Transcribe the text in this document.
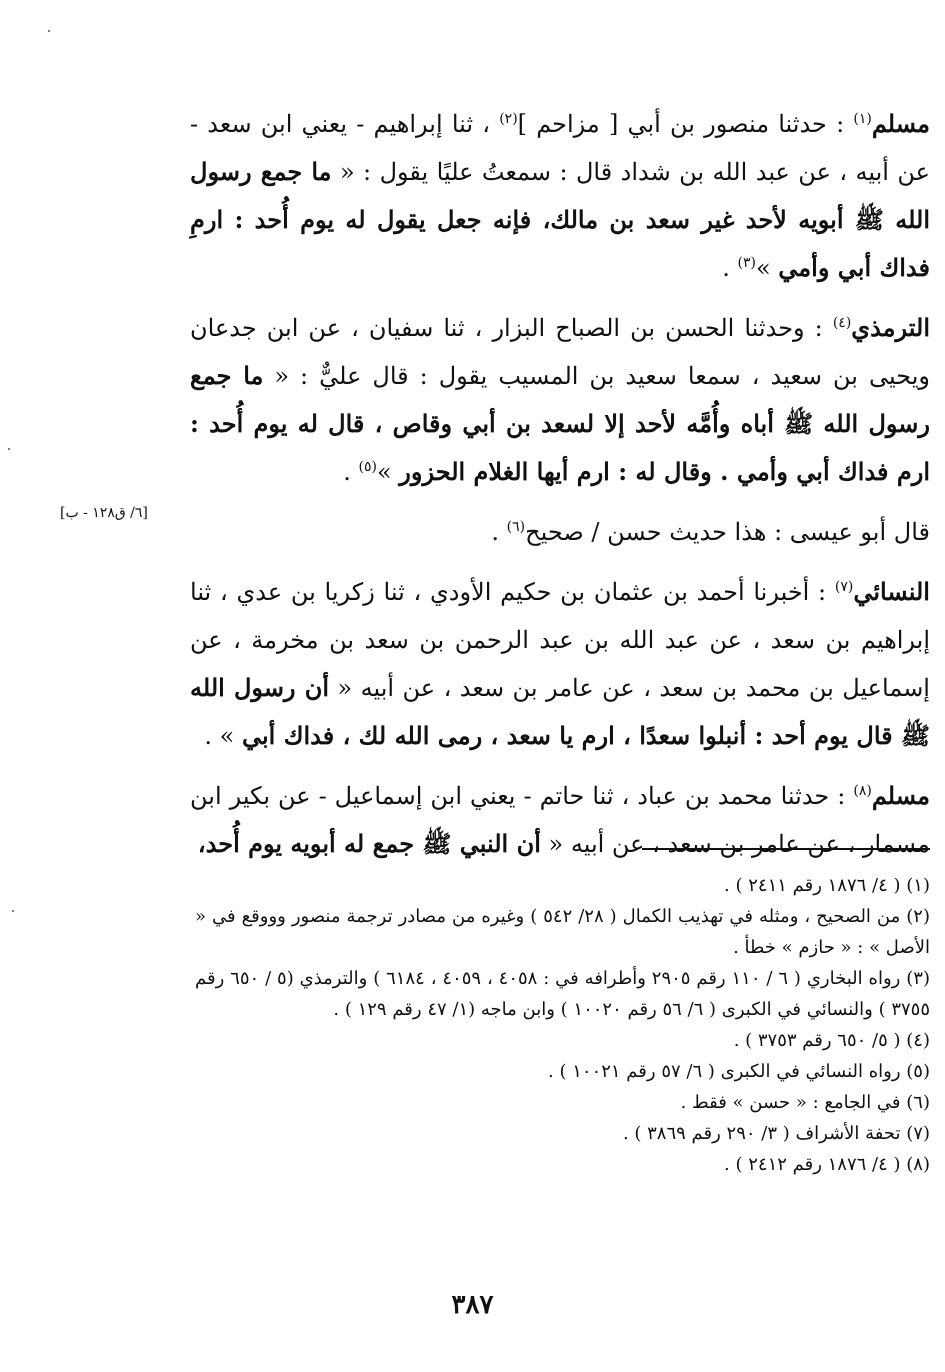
مسلم$^{(١)}$ : حدثنا منصور بن أبي [ مزاحم ]$^{(٢)}$ ، ثنا إبراهيم - يعني ابن سعد - عن أبيه ، عن عبد الله بن شداد قال : سمعتُ عليًا يقول : « ما جمع رسول الله ﷺ أبويه لأحد غير سعد بن مالك، فإنه جعل يقول له يوم أُحد : ارمِ فداك أبي وأمي »$^{(٣)}$ .

الترمذي$^{(٤)}$ : وحدثنا الحسن بن الصباح البزار ، ثنا سفيان ، عن ابن جدعان ويحيى بن سعيد ، سمعا سعيد بن المسيب يقول : قال عليٌّ : « ما جمع رسول الله ﷺ أباه وأُمَّه لأحد إلا لسعد بن أبي وقاص ، قال له يوم أُحد : ارم فداك أبي وأمي . وقال له : ارم أيها الغلام الحزور »$^{(٥)}$ .

قال أبو عيسى : هذا حديث حسن / صحيح$^{(٦)}$ .

النسائي$^{(٧)}$ : أخبرنا أحمد بن عثمان بن حكيم الأودي ، ثنا زكريا بن عدي ، ثنا إبراهيم بن سعد ، عن عبد الله بن عبد الرحمن بن سعد بن مخرمة ، عن إسماعيل بن محمد بن سعد ، عن عامر بن سعد ، عن أبيه « أن رسول الله ﷺ قال يوم أحد : أنبلوا سعدًا ، ارم يا سعد ، رمى الله لك ، فداك أبي » .

مسلم$^{(٨)}$ : حدثنا محمد بن عباد ، ثنا حاتم - يعني ابن إسماعيل - عن بكير ابن مسمار ، عن عامر بن سعد ، عن أبيه « أن النبي ﷺ جمع له أبويه يوم أُحد،

[٦/ ق١٢٨ - ب]

(١) ( ٤/ ١٨٧٦ رقم ٢٤١١ ) .

(٢) من الصحيح ، ومثله في تهذيب الكمال ( ٢٨/ ٥٤٢ ) وغيره من مصادر ترجمة منصور وووقع في « الأصل » : « حازم » خطأ .

(٣) رواه البخاري ( ٦ / ١١٠ رقم ٢٩٠٥ وأطرافه في : ٤٠٥٨ ، ٤٠٥٩ ، ٦١٨٤ ) والترمذي (٥ / ٦٥٠ رقم ٣٧٥٥ ) والنسائي في الكبرى ( ٦/ ٥٦ رقم ١٠٠٢٠ ) وابن ماجه (١/ ٤٧ رقم ١٢٩ ) .

(٤) ( ٥/ ٦٥٠ رقم ٣٧٥٣ ) .

(٥) رواه النسائي في الكبرى ( ٦/ ٥٧ رقم ١٠٠٢١ ) .

(٦) في الجامع : « حسن » فقط .

(٧) تحفة الأشراف ( ٣/ ٢٩٠ رقم ٣٨٦٩ ) .

(٨) ( ٤/ ١٨٧٦ رقم ٢٤١٢ ) .

٣٨٧
